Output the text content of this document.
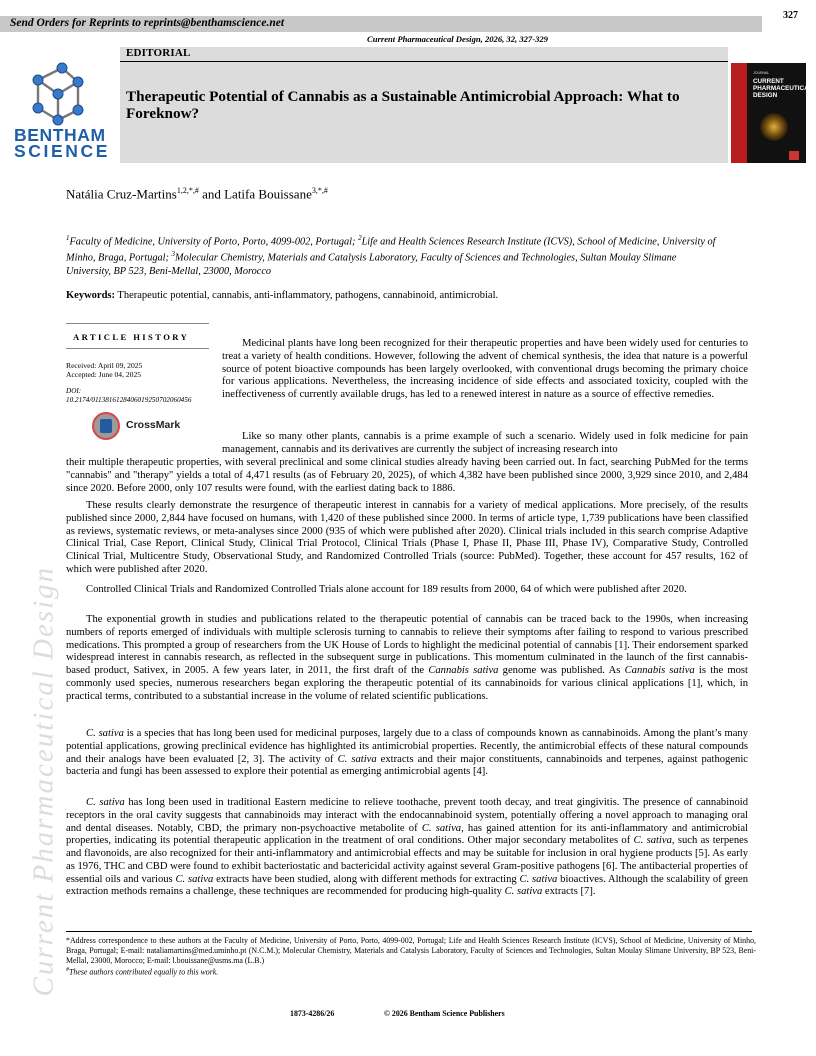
Send Orders for Reprints to reprints@benthamscience.net
327
Current Pharmaceutical Design, 2026, 32, 327-329
EDITORIAL
Therapeutic Potential of Cannabis as a Sustainable Antimicrobial Approach: What to Foreknow?
BENTHAM
SCIENCE
JOURNAL
CURRENT
PHARMACEUTICAL
DESIGN
Natália Cruz-Martins$^{1,2,*,\#}$ and Latifa Bouissane$^{3,*,\#}$
$^1$Faculty of Medicine, University of Porto, Porto, 4099-002, Portugal; $^2$Life and Health Sciences Research Institute (ICVS), School of Medicine, University of Minho, Braga, Portugal; $^3$Molecular Chemistry, Materials and Catalysis Laboratory, Faculty of Sciences and Technologies, Sultan Moulay Slimane University, BP 523, Beni-Mellal, 23000, Morocco
Keywords: Therapeutic potential, cannabis, anti-inflammatory, pathogens, cannabinoid, antimicrobial.
ARTICLE HISTORY
Received: April 09, 2025
Accepted: June 04, 2025
DOI:
10.2174/0113816128406019250702060456
CrossMark
Medicinal plants have long been recognized for their therapeutic properties and have been widely used for centuries to treat a variety of health conditions. However, following the advent of chemical synthesis, the idea that nature is a powerful source of potent bioactive compounds has been largely overlooked, with conventional drugs becoming the primary choice for various applications. Nevertheless, the increasing incidence of side effects and associated toxicity, coupled with the ineffectiveness of currently available drugs, has led to a renewed interest in nature as a source of effective remedies.
Like so many other plants, cannabis is a prime example of such a scenario. Widely used in folk medicine for pain management, cannabis and its derivatives are currently the subject of increasing research into
their multiple therapeutic properties, with several preclinical and some clinical studies already having been carried out. In fact, searching PubMed for the terms "cannabis" and "therapy" yields a total of 4,471 results (as of February 20, 2025), of which 4,382 have been published since 2000, 3,929 since 2010, and 2,484 since 2020. Before 2000, only 107 results were found, with the earliest dating back to 1886.
These results clearly demonstrate the resurgence of therapeutic interest in cannabis for a variety of medical applications. More precisely, of the results published since 2000, 2,844 have focused on humans, with 1,420 of these published since 2000. In terms of article type, 1,739 publications have been classified as reviews, systematic reviews, or meta-analyses since 2000 (935 of which were published after 2020). Clinical trials included in this search comprise Adaptive Clinical Trial, Case Report, Clinical Study, Clinical Trial Protocol, Clinical Trials (Phase I, Phase II, Phase III, Phase IV), Comparative Study, Controlled Clinical Trial, Multicentre Study, Observational Study, and Randomized Controlled Trials (source: PubMed). Together, these account for 457 results, 162 of which were published after 2020.
Controlled Clinical Trials and Randomized Controlled Trials alone account for 189 results from 2000, 64 of which were published after 2020.
The exponential growth in studies and publications related to the therapeutic potential of cannabis can be traced back to the 1990s, when increasing numbers of reports emerged of individuals with multiple sclerosis turning to cannabis to relieve their symptoms after failing to respond to various prescribed medications. This prompted a group of researchers from the UK House of Lords to highlight the medicinal potential of cannabis [1]. Their endorsement sparked widespread interest in cannabis research, as reflected in the subsequent surge in publications. This momentum culminated in the launch of the first cannabis-based product, Sativex, in 2005. A few years later, in 2011, the first draft of the Cannabis sativa genome was published. As Cannabis sativa is the most commonly used species, numerous researchers began exploring the therapeutic potential of its cannabinoids for various clinical applications [1], which, in practical terms, contributed to a substantial increase in the volume of related scientific publications.
C. sativa is a species that has long been used for medicinal purposes, largely due to a class of compounds known as cannabinoids. Among the plant’s many potential applications, growing preclinical evidence has highlighted its antimicrobial properties. Recently, the antimicrobial effects of these natural compounds and their analogs have been evaluated [2, 3]. The activity of C. sativa extracts and their major constituents, cannabinoids and terpenes, against pathogenic bacteria and fungi has been assessed to explore their potential as emerging antimicrobial agents [4].
C. sativa has long been used in traditional Eastern medicine to relieve toothache, prevent tooth decay, and treat gingivitis. The presence of cannabinoid receptors in the oral cavity suggests that cannabinoids may interact with the endocannabinoid system, potentially offering a novel approach to managing oral and dental diseases. Notably, CBD, the primary non-psychoactive metabolite of C. sativa, has gained attention for its anti-inflammatory and antimicrobial properties, indicating its potential therapeutic application in the treatment of oral conditions. Other major secondary metabolites of C. sativa, such as terpenes and flavonoids, are also recognized for their anti-inflammatory and antimicrobial effects and may be suitable for inclusion in oral hygiene products [5]. As early as 1976, THC and CBD were found to exhibit bacteriostatic and bactericidal activity against several Gram-positive pathogens [6]. The antibacterial properties of essential oils and various C. sativa extracts have been studied, along with different methods for extracting C. sativa bioactives. Although the scalability of green extraction methods remains a challenge, these techniques are recommended for producing high-quality C. sativa extracts [7].
Current Pharmaceutical Design *Address correspondence to these authors at the Faculty of Medicine, University of Porto, Porto, 4099-002, Portugal; Life and Health Sciences Research Institute (ICVS), School of Medicine, University of Minho, Braga, Portugal; E-mail: nataliamartins@med.uminho.pt (N.C.M.); Molecular Chemistry, Materials and Catalysis Laboratory, Faculty of Sciences and Technologies, Sultan Moulay Slimane University, BP 523, Beni-Mellal, 23000, Morocco; E-mail: l.bouissane@usms.ma (L.B.)
#These authors contributed equally to this work.
1873-4286/26	© 2026 Bentham Science Publishers
